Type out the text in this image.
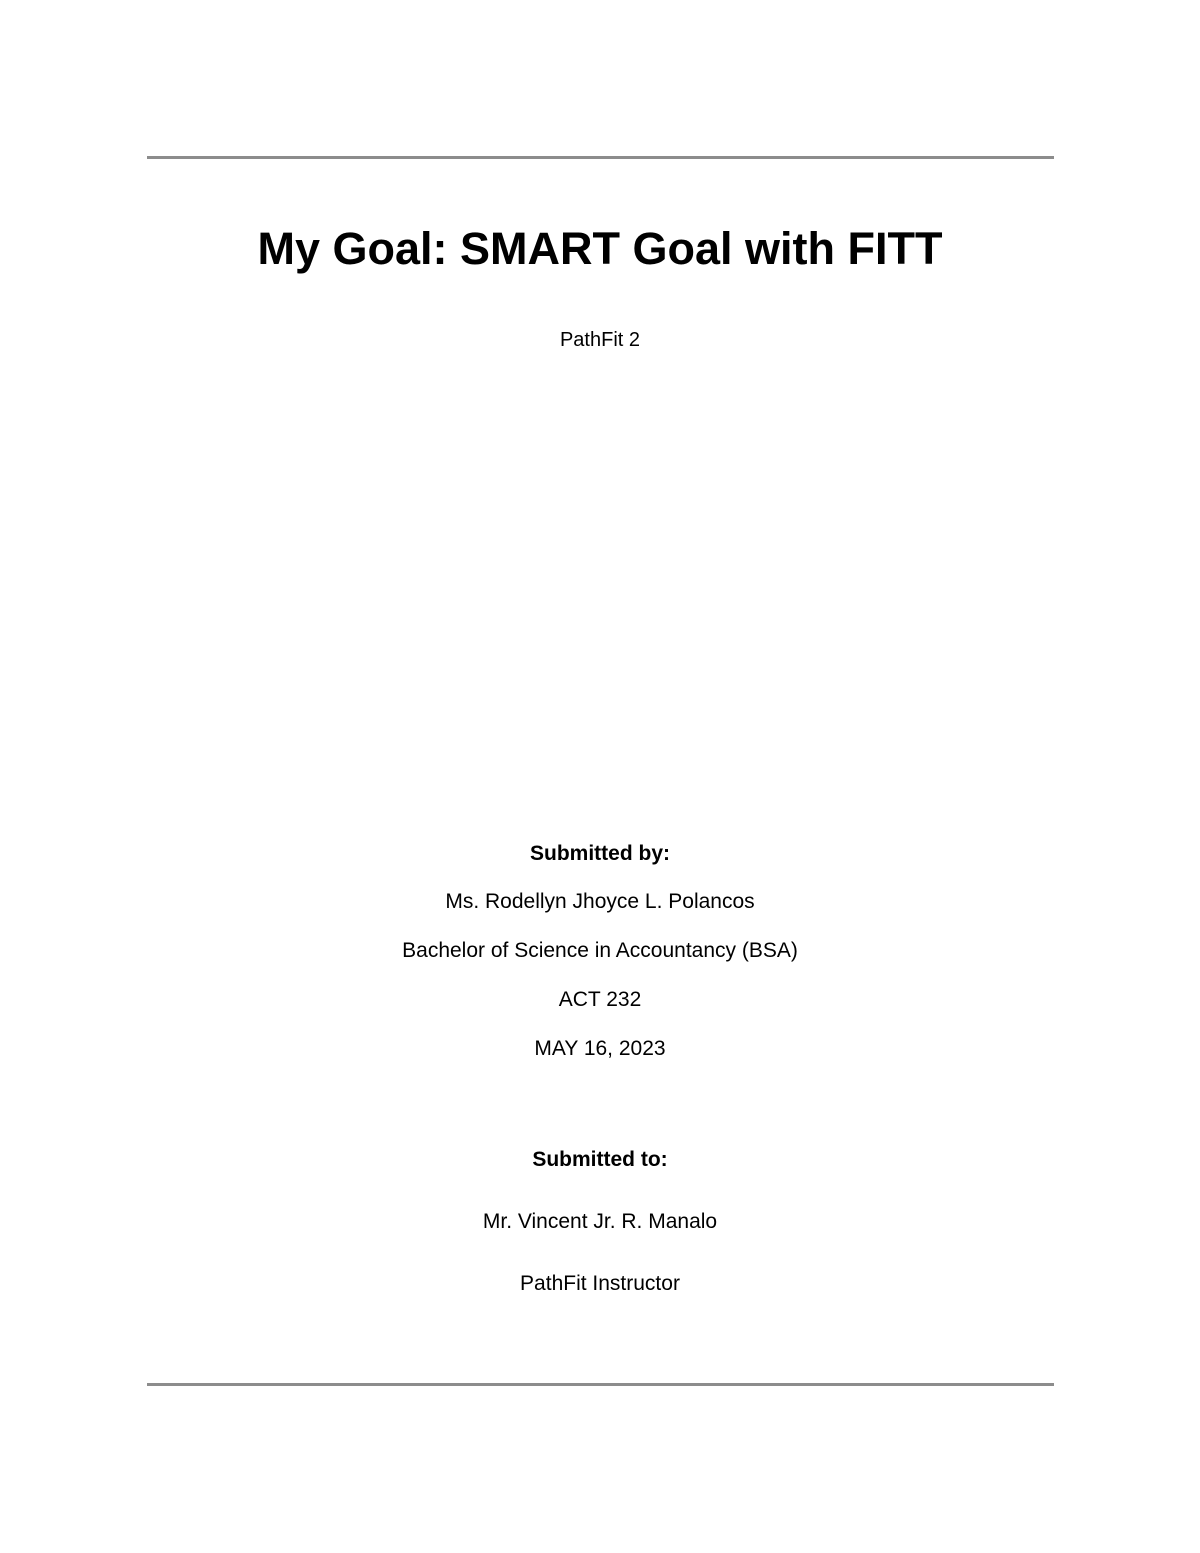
My Goal: SMART Goal with FITT
PathFit 2
Submitted by:
Ms. Rodellyn Jhoyce L. Polancos
Bachelor of Science in Accountancy (BSA)
ACT 232
MAY 16, 2023
Submitted to:
Mr. Vincent Jr. R. Manalo
PathFit Instructor
